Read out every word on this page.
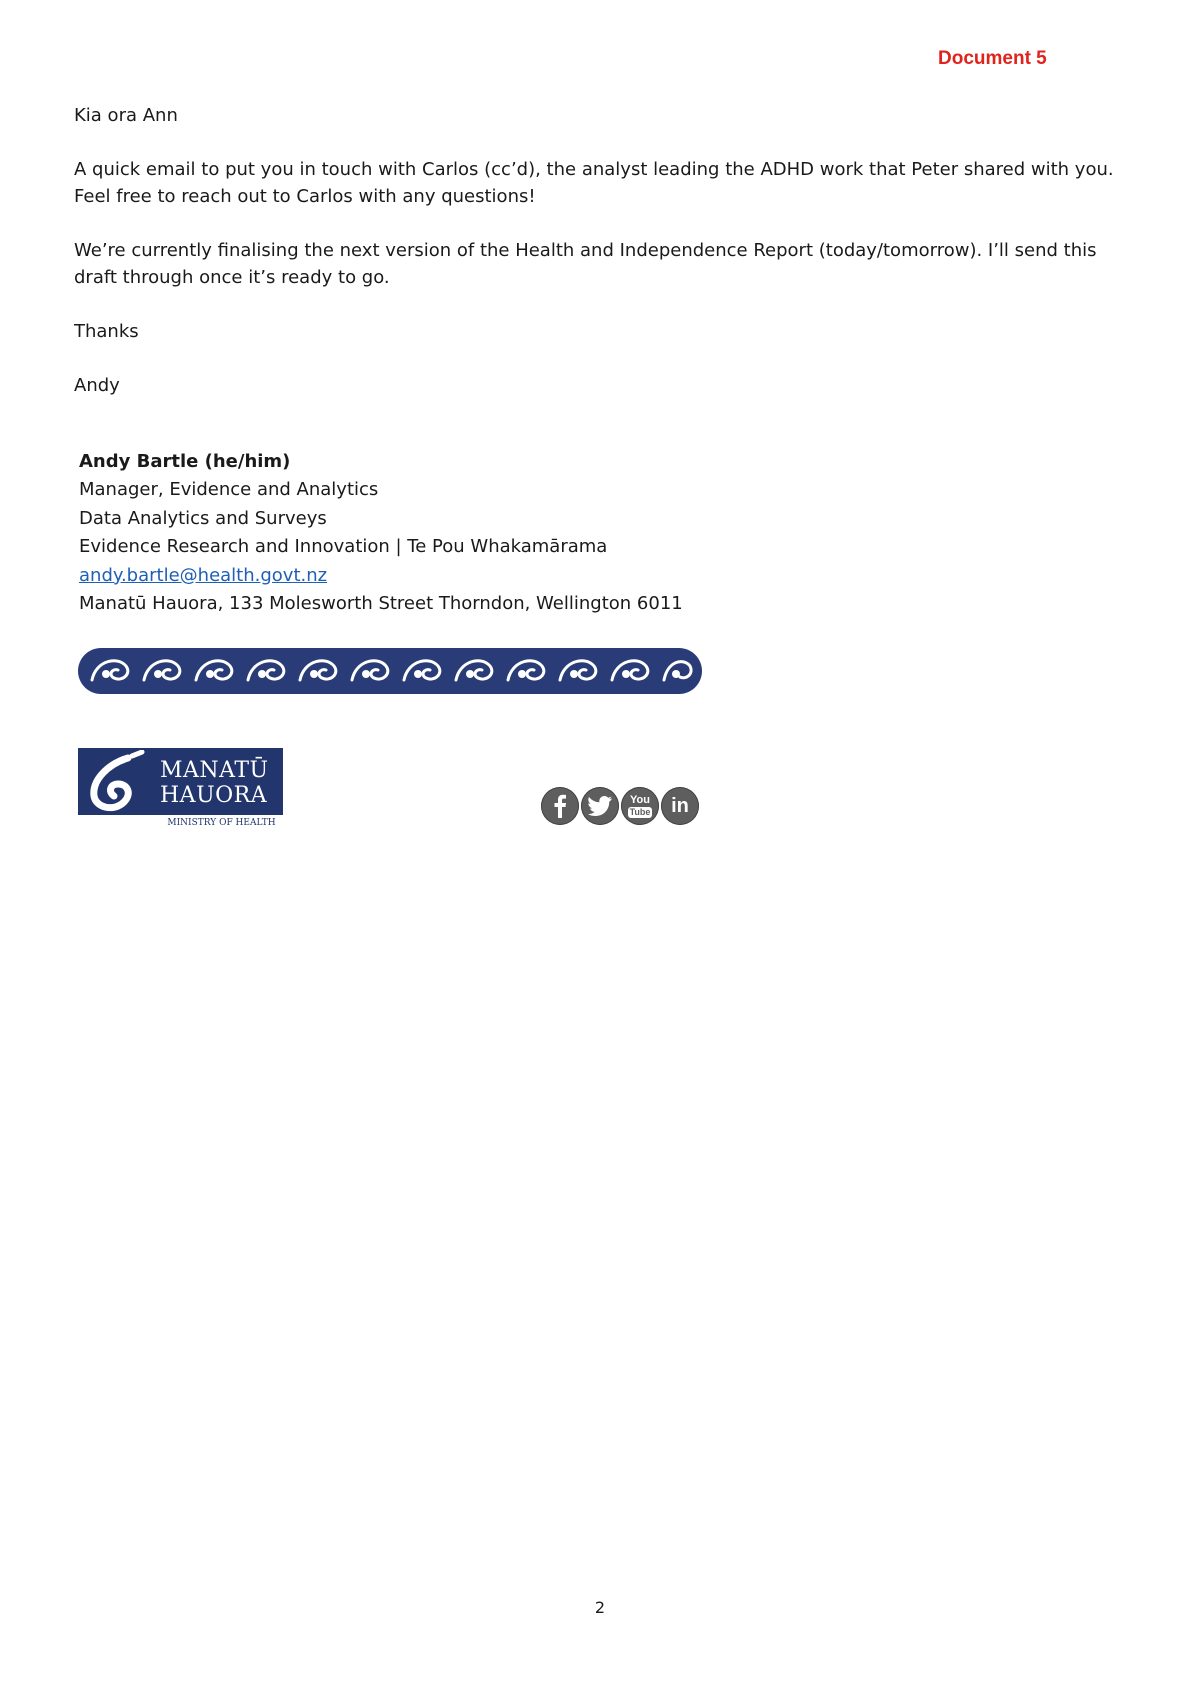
Document 5

Kia ora Ann

A quick email to put you in touch with Carlos (cc’d), the analyst leading the ADHD work that Peter shared with you.

Feel free to reach out to Carlos with any questions!

We’re currently finalising the next version of the Health and Independence Report (today/tomorrow). I’ll send this

draft through once it’s ready to go.

Thanks

Andy

Andy Bartle (he/him)
Manager, Evidence and Analytics
Data Analytics and Surveys
Evidence Research and Innovation | Te Pou Whakamārama
andy.bartle@health.govt.nz
Manatū Hauora, 133 Molesworth Street Thorndon, Wellington 6011
MANATŪ
HAUORA
MINISTRY OF HEALTH
You
Tube in
2
